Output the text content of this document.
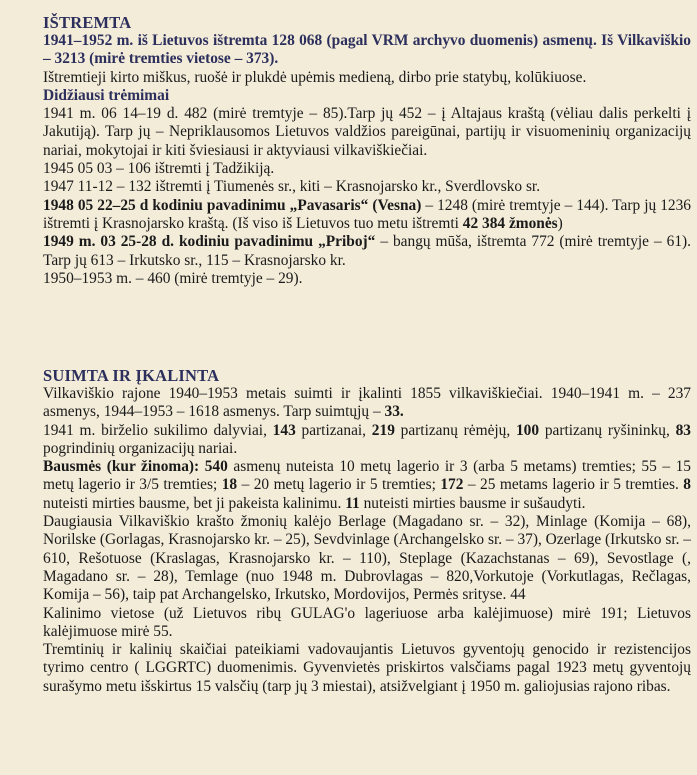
IŠTREMTA

1941–1952 m. iš Lietuvos ištremta 128 068 (pagal VRM archyvo duomenis) asmenų. Iš Vilkaviškio – 3213 (mirė tremties vietose – 373).

Ištremtieji kirto miškus, ruošė ir plukdė upėmis medieną, dirbo prie statybų, kolūkiuose.

Didžiausi trėmimai

1941 m. 06 14–19 d. 482 (mirė tremtyje – 85).Tarp jų 452 – į Altajaus kraštą (vėliau dalis perkelti į Jakutiją). Tarp jų – Nepriklausomos Lietuvos valdžios pareigūnai, partijų ir visuomeninių organizacijų nariai, mokytojai ir kiti šviesiausi ir aktyviausi vilkaviškiečiai.

1945 05 03 – 106 ištremti į Tadžikiją.

1947 11-12 – 132 ištremti į Tiumenės sr., kiti – Krasnojarsko kr., Sverdlovsko sr.

1948 05 22–25 d kodiniu pavadinimu „Pavasaris“ (Vesna) – 1248 (mirė tremtyje – 144). Tarp jų 1236 ištremti į Krasnojarsko kraštą. (Iš viso iš Lietuvos tuo metu ištremti 42 384 žmonės)

1949 m. 03 25-28 d. kodiniu pavadinimu „Priboj“ – bangų mūša, ištremta 772 (mirė tremtyje – 61). Tarp jų 613 – Irkutsko sr., 115 – Krasnojarsko kr.

1950–1953 m. – 460 (mirė tremtyje – 29).

SUIMTA IR ĮKALINTA

Vilkaviškio rajone 1940–1953 metais suimti ir įkalinti 1855 vilkaviškiečiai. 1940–1941 m. – 237 asmenys, 1944–1953 – 1618 asmenys. Tarp suimtųjų – 33.

1941 m. birželio sukilimo dalyviai, 143 partizanai, 219 partizanų rėmėjų, 100 partizanų ryšininkų, 83 pogrindinių organizacijų nariai.

Bausmės (kur žinoma): 540 asmenų nuteista 10 metų lagerio ir 3 (arba 5 metams) tremties; 55 – 15 metų lagerio ir 3/5 tremties; 18 – 20 metų lagerio ir 5 tremties; 172 – 25 metams lagerio ir 5 tremties. 8 nuteisti mirties bausme, bet ji pakeista kalinimu. 11 nuteisti mirties bausme ir sušaudyti.

Daugiausia Vilkaviškio krašto žmonių kalėjo Berlage (Magadano sr. – 32), Minlage (Komija – 68), Norilske (Gorlagas, Krasnojarsko kr. – 25), Sevdvinlage (Archangelsko sr. – 37), Ozerlage (Irkutsko sr. – 610, Rešotuose (Kraslagas, Krasnojarsko kr. – 110), Steplage (Kazachstanas – 69), Sevostlage (, Magadano sr. – 28), Temlage (nuo 1948 m. Dubrovlagas – 820,Vorkutoje (Vorkutlagas, Rečlagas, Komija – 56), taip pat Archangelsko, Irkutsko, Mordovijos, Permės srityse. 44

Kalinimo vietose (už Lietuvos ribų GULAG'o lageriuose arba kalėjimuose) mirė 191; Lietuvos kalėjimuose mirė 55.

Tremtinių ir kalinių skaičiai pateikiami vadovaujantis Lietuvos gyventojų genocido ir rezistencijos tyrimo centro ( LGGRTC) duomenimis. Gyvenvietės priskirtos valsčiams pagal 1923 metų gyventojų surašymo metu išskirtus 15 valsčių (tarp jų 3 miestai), atsižvelgiant į 1950 m. galiojusias rajono ribas.
